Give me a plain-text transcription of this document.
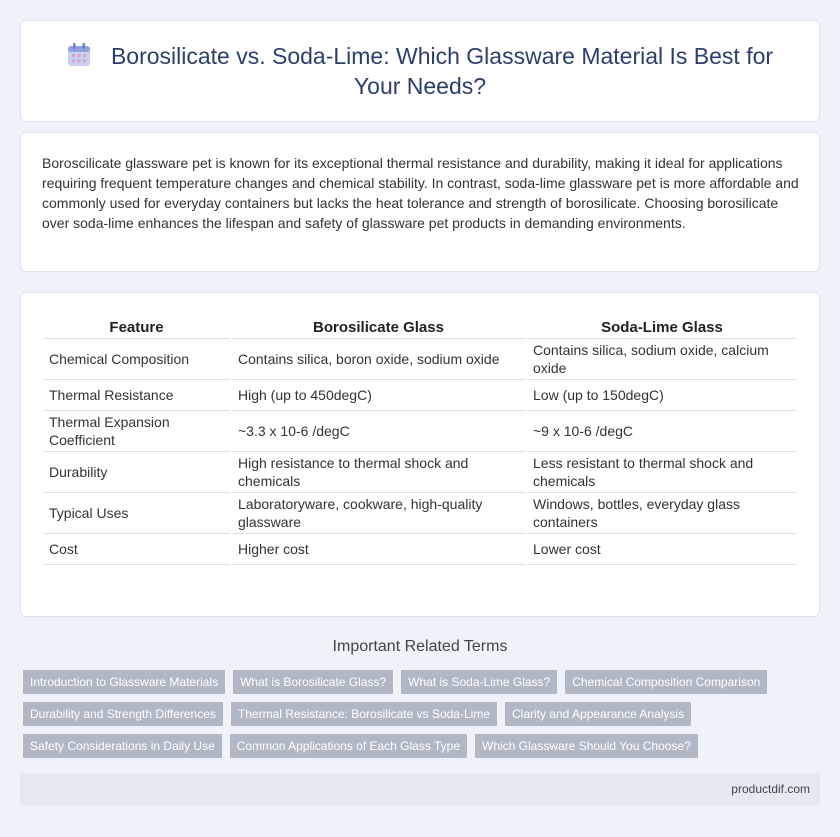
Borosilicate vs. Soda-Lime: Which Glassware Material Is Best for Your Needs?

Boroscilicate glassware pet is known for its exceptional thermal resistance and durability, making it ideal for applications requiring frequent temperature changes and chemical stability. In contrast, soda-lime glassware pet is more affordable and commonly used for everyday containers but lacks the heat tolerance and strength of borosilicate. Choosing borosilicate over soda-lime enhances the lifespan and safety of glassware pet products in demanding environments.

Feature	Borosilicate Glass	Soda-Lime Glass
Chemical Composition	Contains silica, boron oxide, sodium oxide	Contains silica, sodium oxide, calcium oxide
Thermal Resistance	High (up to 450degC)	Low (up to 150degC)
Thermal Expansion Coefficient	~3.3 x 10-6 /degC	~9 x 10-6 /degC
Durability	High resistance to thermal shock and chemicals	Less resistant to thermal shock and chemicals
Typical Uses	Laboratoryware, cookware, high-quality glassware	Windows, bottles, everyday glass containers
Cost	Higher cost	Lower cost
Important Related Terms
Introduction to Glassware Materials What is Borosilicate Glass? What is Soda-Lime Glass? Chemical Composition Comparison
Durability and Strength Differences Thermal Resistance: Borosilicate vs Soda-Lime Clarity and Appearance Analysis
Safety Considerations in Daily Use Common Applications of Each Glass Type Which Glassware Should You Choose?
productdif.com
